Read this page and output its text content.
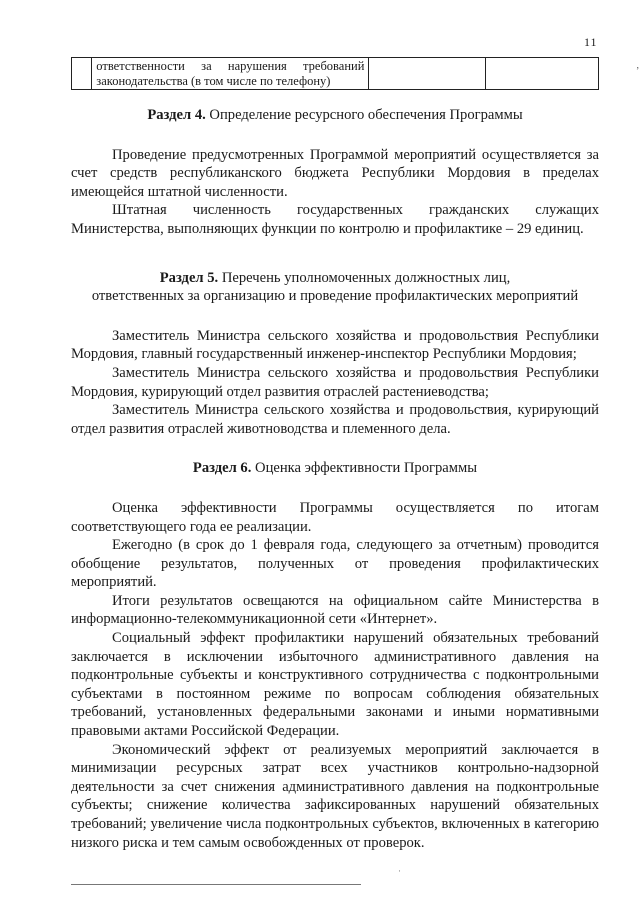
11
’

ответственности за нарушения требований
законодательства (в том числе по телефону)

Раздел 4. Определение ресурсного обеспечения Программы

Проведение предусмотренных Программой мероприятий осуществляется за счет средств республиканского бюджета Республики Мордовия в пределах имеющейся штатной численности.

Штатная численность государственных гражданских служащих Министерства, выполняющих функции по контролю и профилактике – 29 единиц.

Раздел 5. Перечень уполномоченных должностных лиц,
ответственных за организацию и проведение профилактических мероприятий

Заместитель Министра сельского хозяйства и продовольствия Республики Мордовия, главный государственный инженер-инспектор Республики Мордовия;

Заместитель Министра сельского хозяйства и продовольствия Республики Мордовия, курирующий отдел развития отраслей растениеводства;

Заместитель Министра сельского хозяйства и продовольствия, курирующий отдел развития отраслей животноводства и племенного дела.

Раздел 6. Оценка эффективности Программы

Оценка эффективности Программы осуществляется по итогам соответствующего года ее реализации.

Ежегодно (в срок до 1 февраля года, следующего за отчетным) проводится обобщение результатов, полученных от проведения профилактических мероприятий.

Итоги результатов освещаются на официальном сайте Министерства в информационно-телекоммуникационной сети «Интернет».

Социальный эффект профилактики нарушений обязательных требований заключается в исключении избыточного административного давления на подконтрольные субъекты и конструктивного сотрудничества с подконтрольными субъектами в постоянном режиме по вопросам соблюдения обязательных требований, установленных федеральными законами и иными нормативными правовыми актами Российской Федерации.

Экономический эффект от реализуемых мероприятий заключается в минимизации ресурсных затрат всех участников контрольно-надзорной деятельности за счет снижения административного давления на подконтрольные субъекты; снижение количества зафиксированных нарушений обязательных требований; увеличение числа подконтрольных субъектов, включенных в категорию низкого риска и тем самым освобожденных от проверок.

·
